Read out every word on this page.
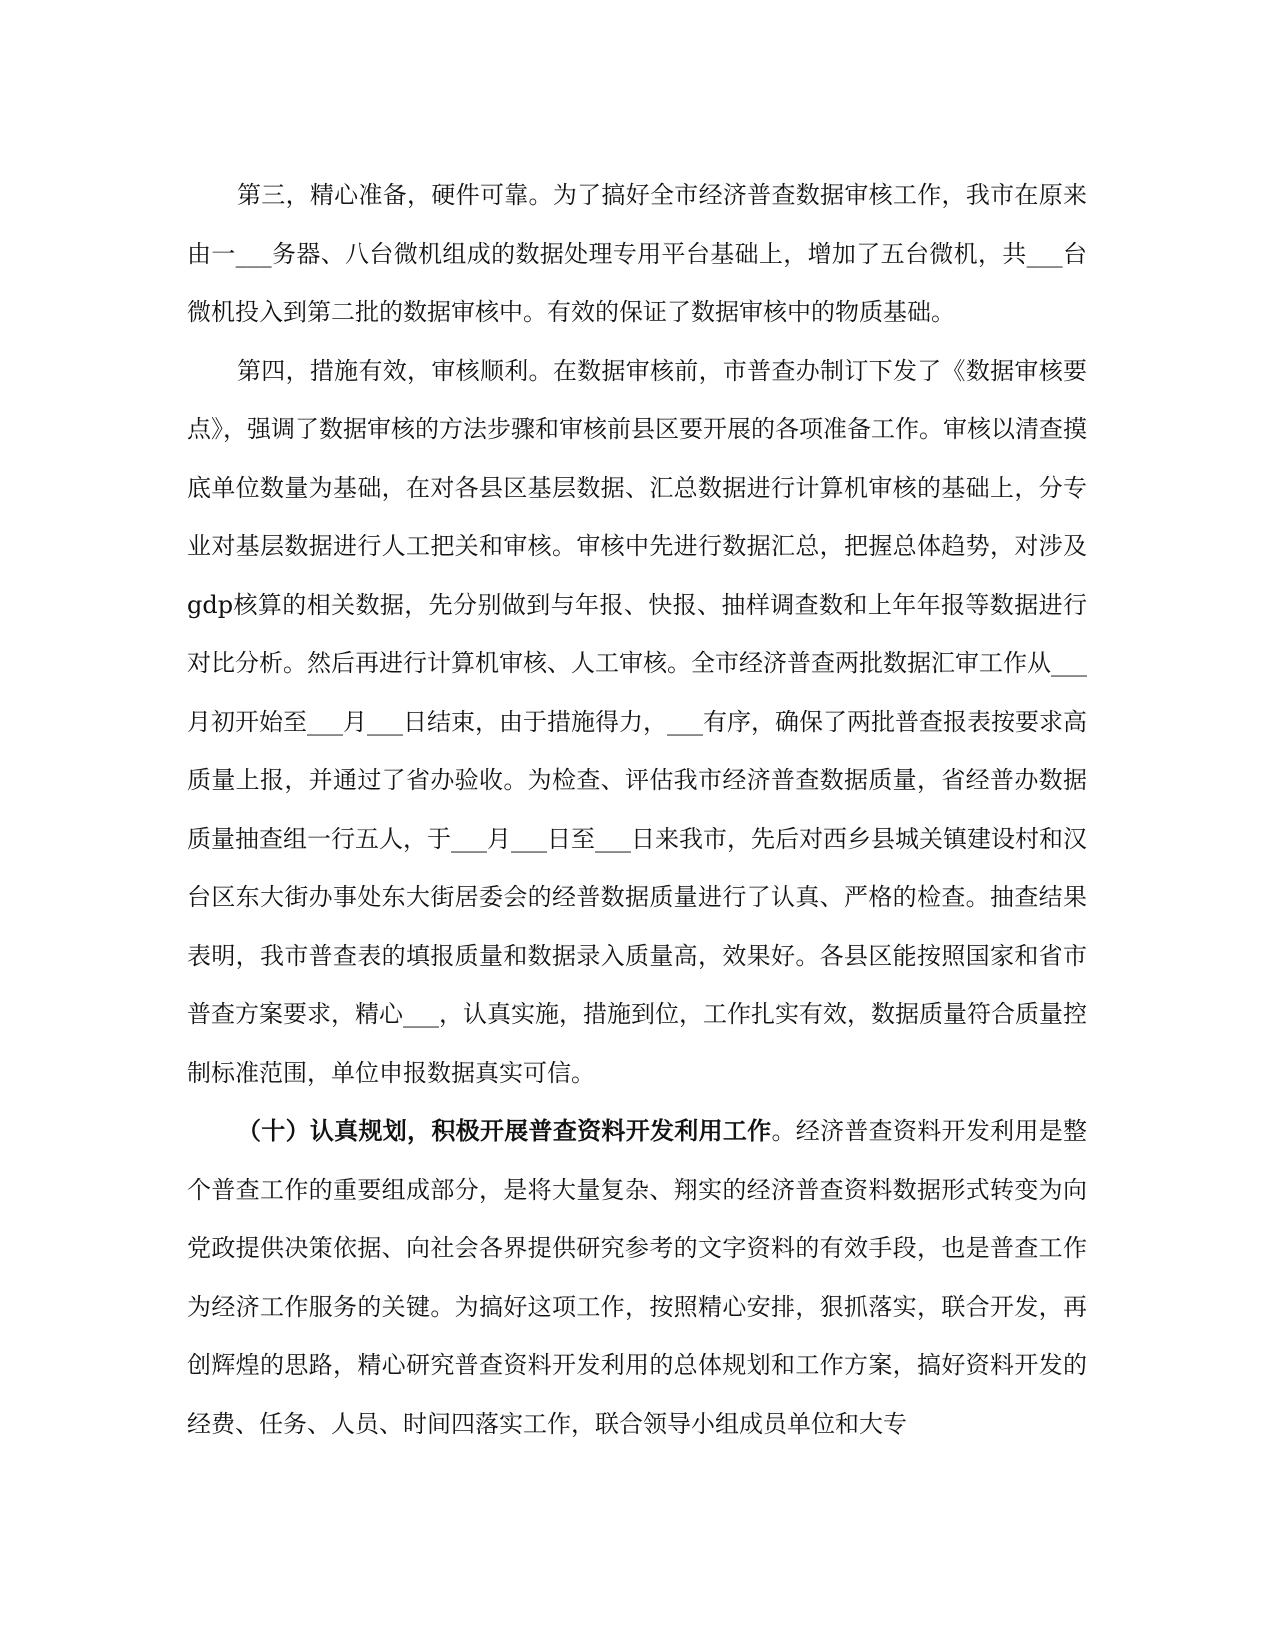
第三，精心准备，硬件可靠。为了搞好全市经济普查数据审核工作，我市在原来由一___务器、八台微机组成的数据处理专用平台基础上，增加了五台微机，共___台微机投入到第二批的数据审核中。有效的保证了数据审核中的物质基础。

第四，措施有效，审核顺利。在数据审核前，市普查办制订下发了《数据审核要点》，强调了数据审核的方法步骤和审核前县区要开展的各项准备工作。审核以清查摸底单位数量为基础，在对各县区基层数据、汇总数据进行计算机审核的基础上，分专业对基层数据进行人工把关和审核。审核中先进行数据汇总，把握总体趋势，对涉及gdp核算的相关数据，先分别做到与年报、快报、抽样调查数和上年年报等数据进行对比分析。然后再进行计算机审核、人工审核。全市经济普查两批数据汇审工作从___月初开始至___月___日结束，由于措施得力，___有序，确保了两批普查报表按要求高质量上报，并通过了省办验收。为检查、评估我市经济普查数据质量，省经普办数据质量抽查组一行五人，于___月___日至___日来我市，先后对西乡县城关镇建设村和汉台区东大街办事处东大街居委会的经普数据质量进行了认真、严格的检查。抽查结果表明，我市普查表的填报质量和数据录入质量高，效果好。各县区能按照国家和省市普查方案要求，精心___，认真实施，措施到位，工作扎实有效，数据质量符合质量控制标准范围，单位申报数据真实可信。

（十）认真规划，积极开展普查资料开发利用工作。经济普查资料开发利用是整个普查工作的重要组成部分，是将大量复杂、翔实的经济普查资料数据形式转变为向党政提供决策依据、向社会各界提供研究参考的文字资料的有效手段，也是普查工作为经济工作服务的关键。为搞好这项工作，按照精心安排，狠抓落实，联合开发，再创辉煌的思路，精心研究普查资料开发利用的总体规划和工作方案，搞好资料开发的经费、任务、人员、时间四落实工作，联合领导小组成员单位和大专
